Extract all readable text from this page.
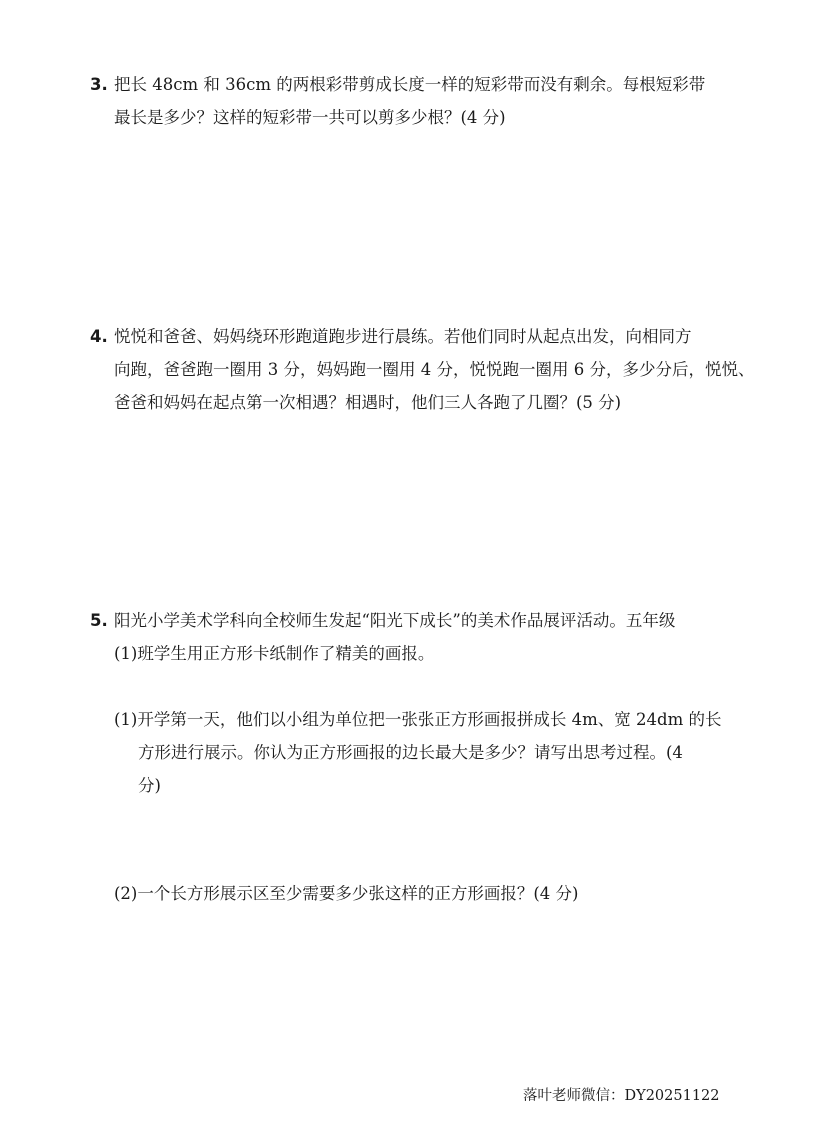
3. 把长 48cm 和 36cm 的两根彩带剪成长度一样的短彩带而没有剩余。每根短彩带
最长是多少？这样的短彩带一共可以剪多少根？(4 分)
4. 悦悦和爸爸、妈妈绕环形跑道跑步进行晨练。若他们同时从起点出发，向相同方
向跑，爸爸跑一圈用 3 分，妈妈跑一圈用 4 分，悦悦跑一圈用 6 分，多少分后，悦悦、
爸爸和妈妈在起点第一次相遇？相遇时，他们三人各跑了几圈？(5 分)
5. 阳光小学美术学科向全校师生发起“阳光下成长”的美术作品展评活动。五年级
(1)班学生用正方形卡纸制作了精美的画报。
(1)开学第一天，他们以小组为单位把一张张正方形画报拼成长 4m、宽 24dm 的长
方形进行展示。你认为正方形画报的边长最大是多少？请写出思考过程。(4
分)
(2)一个长方形展示区至少需要多少张这样的正方形画报？(4 分)
落叶老师微信：DY20251122
